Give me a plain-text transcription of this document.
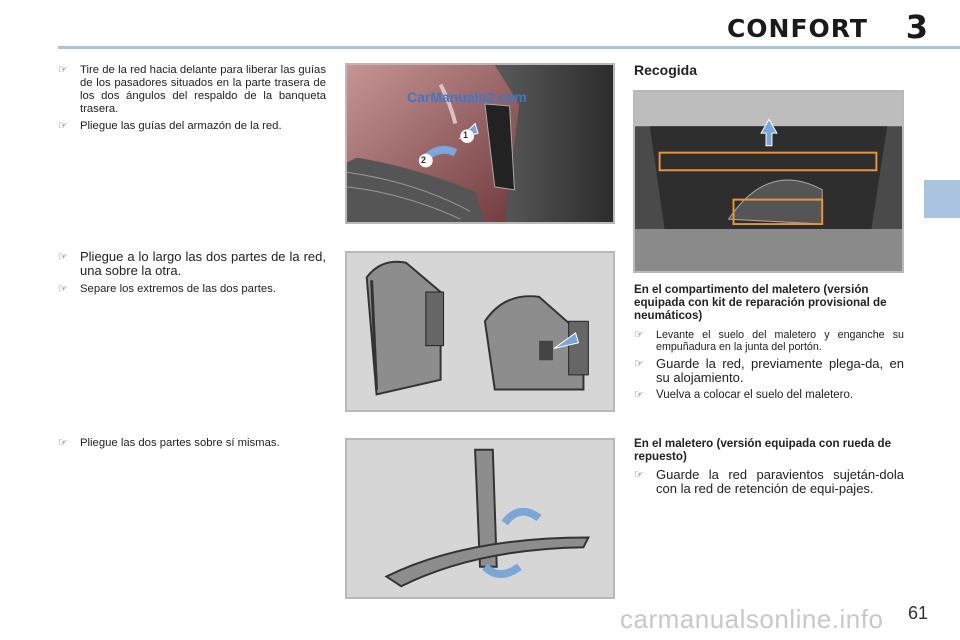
CONFORT 3
☞ Tire de la red hacia delante para liberar las guías de los pasadores situados en la parte trasera de los dos ángulos del respaldo de la banqueta trasera.
☞ Pliegue las guías del armazón de la red.
☞ Pliegue a lo largo las dos partes de la red, una sobre la otra.
☞ Separe los extremos de las dos partes.
☞ Pliegue las dos partes sobre sí mismas.
CarManuals2.com
1
2
Recogida
En el compartimento del maletero (versión equipada con kit de reparación provisional de neumáticos)
☞ Levante el suelo del maletero y enganche su empuñadura en la junta del portón.
☞ Guarde la red, previamente plega-da, en su alojamiento.
☞ Vuelva a colocar el suelo del maletero.
En el maletero (versión equipada con rueda de repuesto)
☞ Guarde la red paravientos sujetán-dola con la red de retención de equi-pajes.
61
carmanualsonline.info
